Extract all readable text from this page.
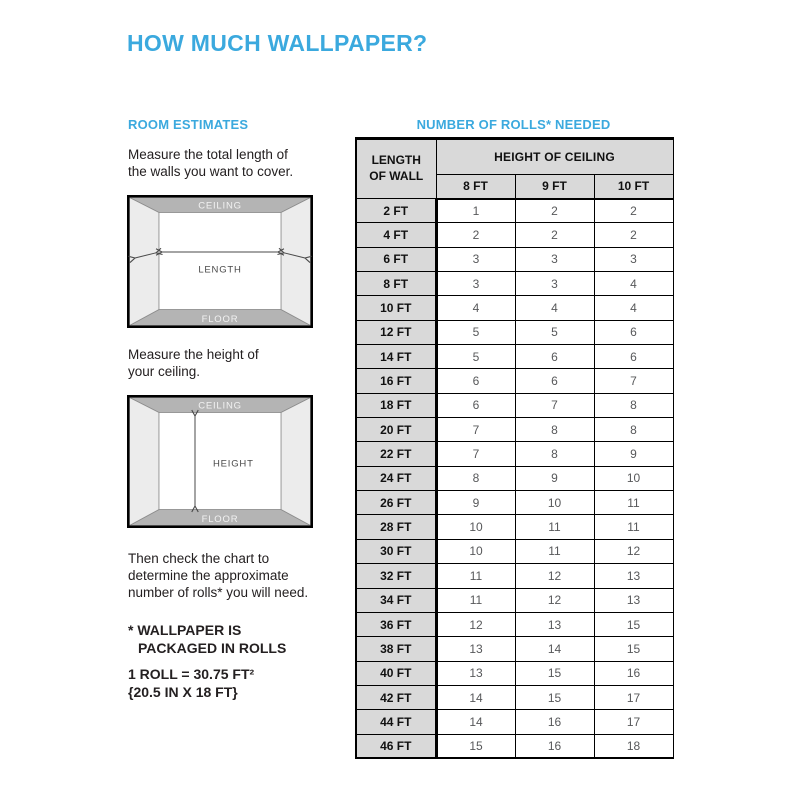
HOW MUCH WALLPAPER?
ROOM ESTIMATES	NUMBER OF ROLLS* NEEDED
Measure the total length of
the walls you want to cover.
CEILING
FLOOR
LENGTH
Measure the height of
your ceiling.
CEILING
FLOOR
HEIGHT
Then check the chart to
determine the approximate
number of rolls* you will need.
* WALLPAPER IS
PACKAGED IN ROLLS
1 ROLL = 30.75 FT²
{20.5 IN X 18 FT}
LENGTH
OF WALL	HEIGHT OF CEILING		
	8 FT	9 FT	10 FT
2 FT	1	2	2
4 FT	2	2	2
6 FT	3	3	3
8 FT	3	3	4
10 FT	4	4	4
12 FT	5	5	6
14 FT	5	6	6
16 FT	6	6	7
18 FT	6	7	8
20 FT	7	8	8
22 FT	7	8	9
24 FT	8	9	10
26 FT	9	10	11
28 FT	10	11	11
30 FT	10	11	12
32 FT	11	12	13
34 FT	11	12	13
36 FT	12	13	15
38 FT	13	14	15
40 FT	13	15	16
42 FT	14	15	17
44 FT	14	16	17
46 FT	15	16	18
